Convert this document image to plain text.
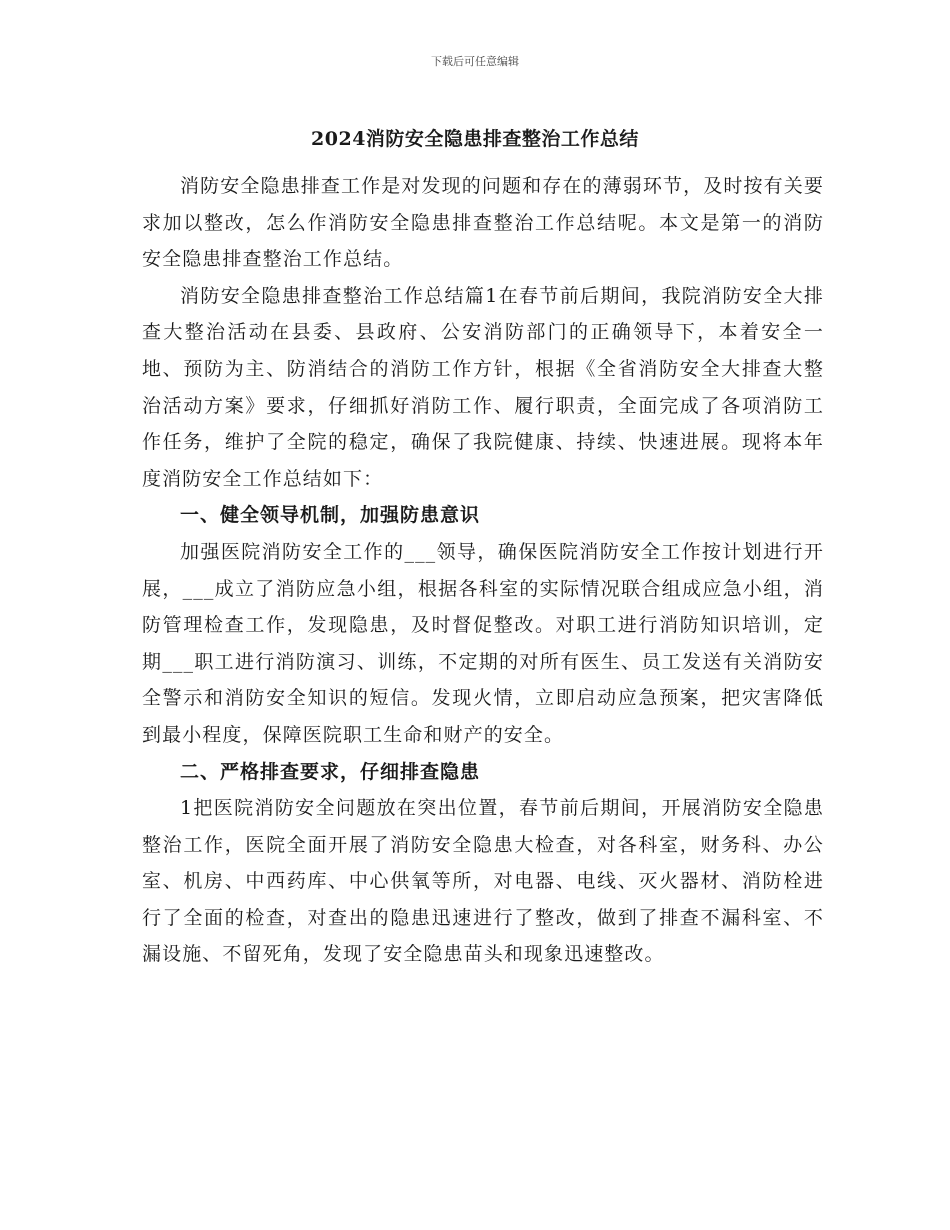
下载后可任意编辑
2024消防安全隐患排查整治工作总结

消防安全隐患排查工作是对发现的问题和存在的薄弱环节，及时按有关要求加以整改，怎么作消防安全隐患排查整治工作总结呢。本文是第一的消防安全隐患排查整治工作总结。

消防安全隐患排查整治工作总结篇1在春节前后期间，我院消防安全大排查大整治活动在县委、县政府、公安消防部门的正确领导下，本着安全一地、预防为主、防消结合的消防工作方针，根据《全省消防安全大排查大整治活动方案》要求，仔细抓好消防工作、履行职责，全面完成了各项消防工作任务，维护了全院的稳定，确保了我院健康、持续、快速进展。现将本年度消防安全工作总结如下：

一、健全领导机制，加强防患意识

加强医院消防安全工作的___领导，确保医院消防安全工作按计划进行开展，___成立了消防应急小组，根据各科室的实际情况联合组成应急小组，消防管理检查工作，发现隐患，及时督促整改。对职工进行消防知识培训，定期___职工进行消防演习、训练，不定期的对所有医生、员工发送有关消防安全警示和消防安全知识的短信。发现火情，立即启动应急预案，把灾害降低到最小程度，保障医院职工生命和财产的安全。

二、严格排查要求，仔细排查隐患

1把医院消防安全问题放在突出位置，春节前后期间，开展消防安全隐患整治工作，医院全面开展了消防安全隐患大检查，对各科室，财务科、办公室、机房、中西药库、中心供氧等所，对电器、电线、灭火器材、消防栓进行了全面的检查，对查出的隐患迅速进行了整改，做到了排查不漏科室、不漏设施、不留死角，发现了安全隐患苗头和现象迅速整改。
